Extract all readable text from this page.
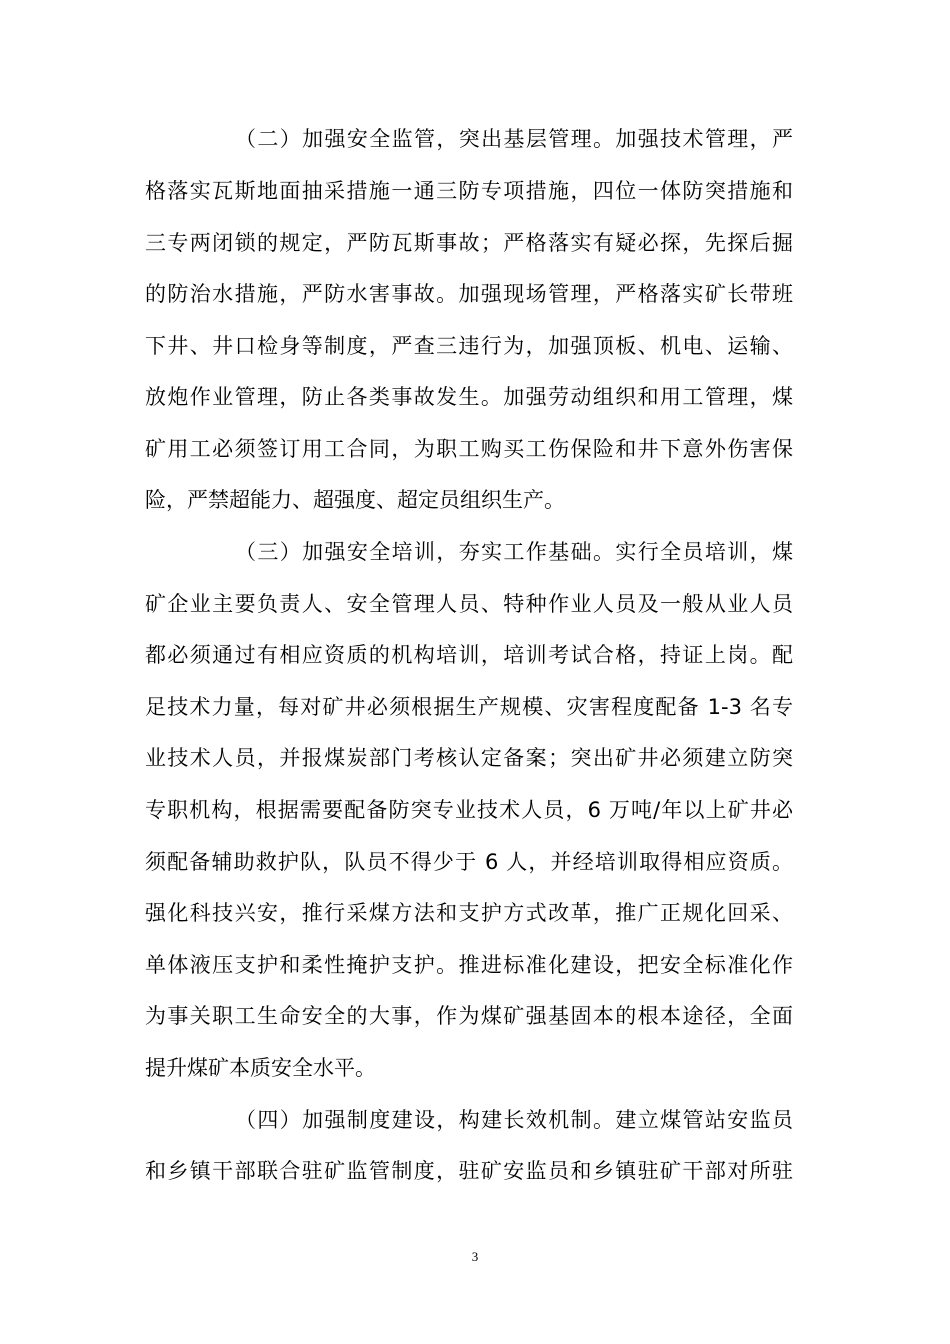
（二）加强安全监管，突出基层管理。加强技术管理，严
格落实瓦斯地面抽采措施一通三防专项措施，四位一体防突措施和
三专两闭锁的规定，严防瓦斯事故；严格落实有疑必探，先探后掘
的防治水措施，严防水害事故。加强现场管理，严格落实矿长带班
下井、井口检身等制度，严查三违行为，加强顶板、机电、运输、
放炮作业管理，防止各类事故发生。加强劳动组织和用工管理，煤
矿用工必须签订用工合同，为职工购买工伤保险和井下意外伤害保
险，严禁超能力、超强度、超定员组织生产。
（三）加强安全培训，夯实工作基础。实行全员培训，煤
矿企业主要负责人、安全管理人员、特种作业人员及一般从业人员
都必须通过有相应资质的机构培训，培训考试合格，持证上岗。配
足技术力量，每对矿井必须根据生产规模、灾害程度配备 1-3 名专
业技术人员，并报煤炭部门考核认定备案；突出矿井必须建立防突
专职机构，根据需要配备防突专业技术人员，6 万吨/年以上矿井必
须配备辅助救护队，队员不得少于 6 人，并经培训取得相应资质。
强化科技兴安，推行采煤方法和支护方式改革，推广正规化回采、
单体液压支护和柔性掩护支护。推进标准化建设，把安全标准化作
为事关职工生命安全的大事，作为煤矿强基固本的根本途径，全面
提升煤矿本质安全水平。
（四）加强制度建设，构建长效机制。建立煤管站安监员
和乡镇干部联合驻矿监管制度，驻矿安监员和乡镇驻矿干部对所驻
3
